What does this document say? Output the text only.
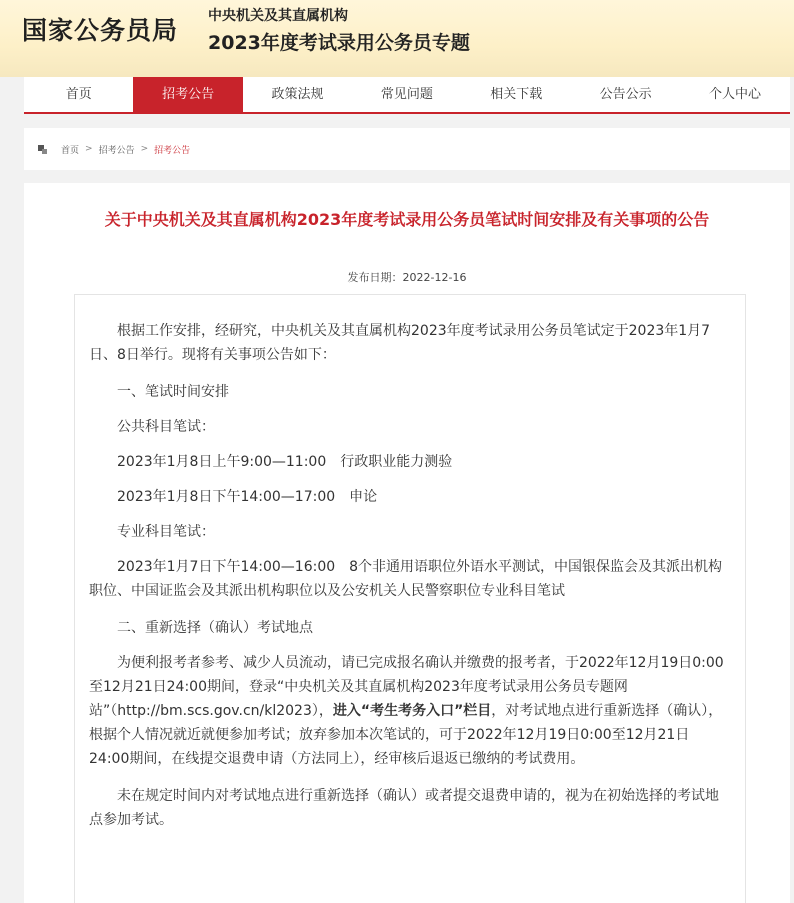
国家公务员局 中央机关及其直属机构
2023年度考试录用公务员专题
首页	招考公告	政策法规	常见问题	相关下载	公告公示	个人中心
首页 > 招考公告 > 招考公告
关于中央机关及其直属机构2023年度考试录用公务员笔试时间安排及有关事项的公告
发布日期：2022-12-16

根据工作安排，经研究，中央机关及其直属机构2023年度考试录用公务员笔试定于2023年1月7日、8日举行。现将有关事项公告如下：

一、笔试时间安排

公共科目笔试：

2023年1月8日上午9:00—11:00　行政职业能力测验

2023年1月8日下午14:00—17:00　申论

专业科目笔试：

2023年1月7日下午14:00—16:00　8个非通用语职位外语水平测试，中国银保监会及其派出机构职位、中国证监会及其派出机构职位以及公安机关人民警察职位专业科目笔试

二、重新选择（确认）考试地点

为便利报考者参考、减少人员流动，请已完成报名确认并缴费的报考者，于2022年12月19日0:00至12月21日24:00期间，登录“中央机关及其直属机构2023年度考试录用公务员专题网站”（http://bm.scs.gov.cn/kl2023），进入“考生考务入口”栏目，对考试地点进行重新选择（确认），根据个人情况就近就便参加考试；放弃参加本次笔试的，可于2022年12月19日0:00至12月21日24:00期间，在线提交退费申请（方法同上），经审核后退返已缴纳的考试费用。

未在规定时间内对考试地点进行重新选择（确认）或者提交退费申请的，视为在初始选择的考试地点参加考试。
